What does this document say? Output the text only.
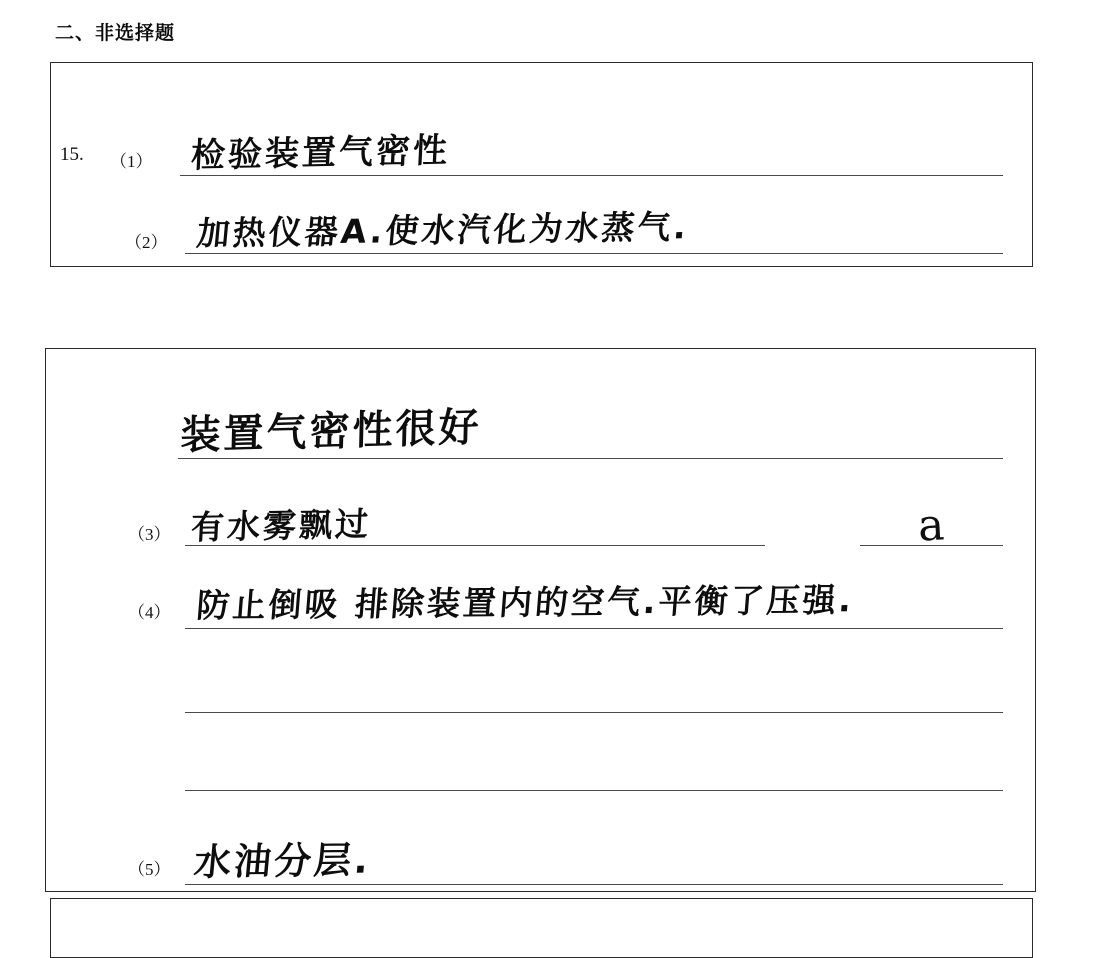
二、非选择题
15. （1） 检验装置气密性
（2） 加热仪器A.使水汽化为水蒸气.
装置气密性很好
（3） 有水雾飘过	a
（4） 防止倒吸 排除装置内的空气.平衡了压强.
（5） 水油分层.
